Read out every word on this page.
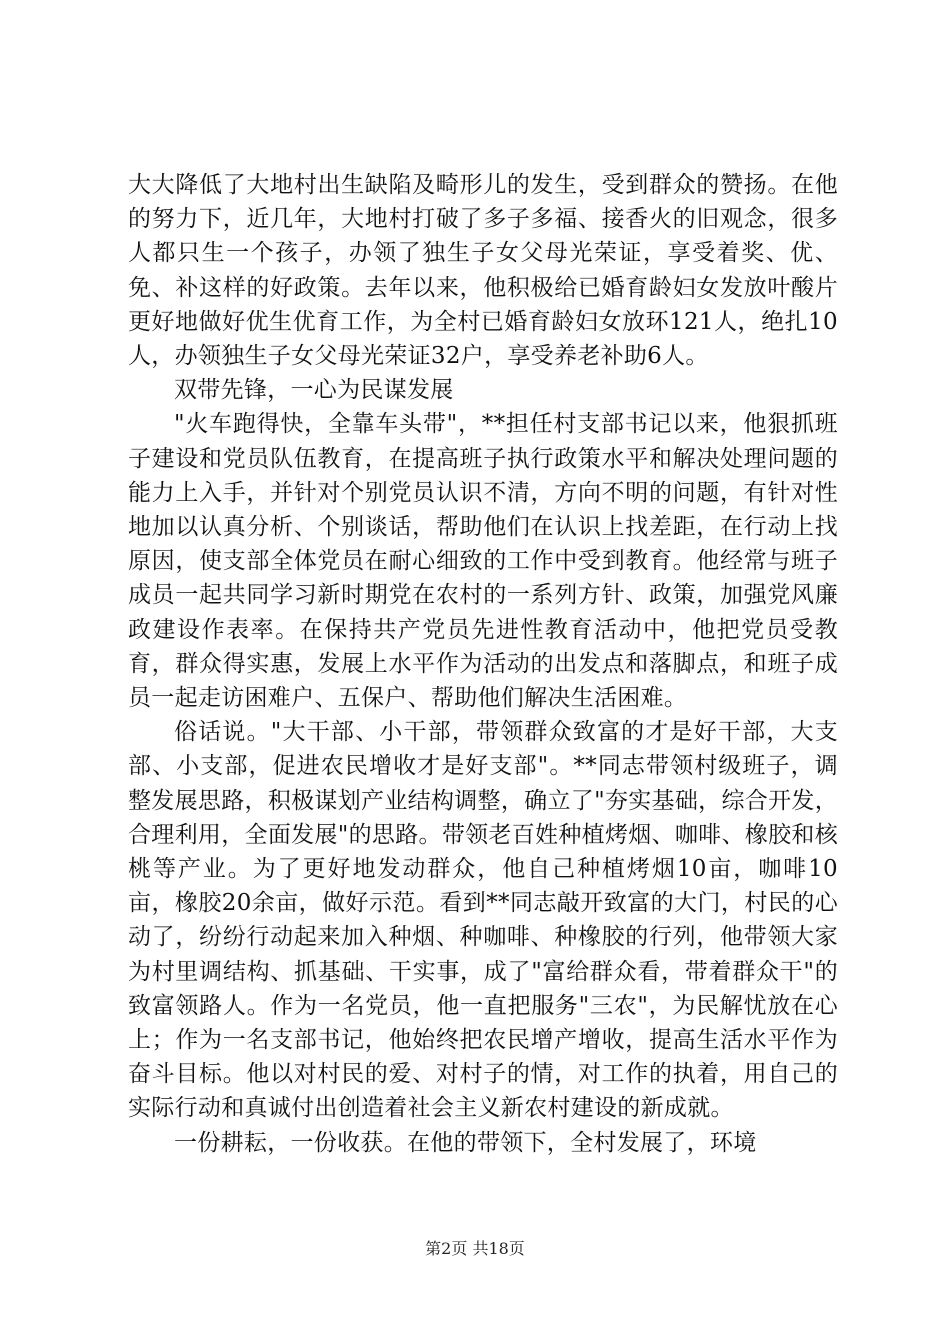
大大降低了大地村出生缺陷及畸形儿的发生，受到群众的赞扬。在他的努力下，近几年，大地村打破了多子多福、接香火的旧观念，很多人都只生一个孩子，办领了独生子女父母光荣证，享受着奖、优、免、补这样的好政策。去年以来，他积极给已婚育龄妇女发放叶酸片更好地做好优生优育工作，为全村已婚育龄妇女放环121人，绝扎10人，办领独生子女父母光荣证32户，享受养老补助6人。

双带先锋，一心为民谋发展

"火车跑得快，全靠车头带"，**担任村支部书记以来，他狠抓班子建设和党员队伍教育，在提高班子执行政策水平和解决处理问题的能力上入手，并针对个别党员认识不清，方向不明的问题，有针对性地加以认真分析、个别谈话，帮助他们在认识上找差距，在行动上找原因，使支部全体党员在耐心细致的工作中受到教育。他经常与班子成员一起共同学习新时期党在农村的一系列方针、政策，加强党风廉政建设作表率。在保持共产党员先进性教育活动中，他把党员受教育，群众得实惠，发展上水平作为活动的出发点和落脚点，和班子成员一起走访困难户、五保户、帮助他们解决生活困难。

俗话说。"大干部、小干部，带领群众致富的才是好干部，大支部、小支部，促进农民增收才是好支部"。**同志带领村级班子，调整发展思路，积极谋划产业结构调整，确立了"夯实基础，综合开发，合理利用，全面发展"的思路。带领老百姓种植烤烟、咖啡、橡胶和核桃等产业。为了更好地发动群众，他自己种植烤烟10亩，咖啡10亩，橡胶20余亩，做好示范。看到**同志敲开致富的大门，村民的心动了，纷纷行动起来加入种烟、种咖啡、种橡胶的行列，他带领大家为村里调结构、抓基础、干实事，成了"富给群众看，带着群众干"的致富领路人。作为一名党员，他一直把服务"三农"，为民解忧放在心上；作为一名支部书记，他始终把农民增产增收，提高生活水平作为奋斗目标。他以对村民的爱、对村子的情，对工作的执着，用自己的实际行动和真诚付出创造着社会主义新农村建设的新成就。

一份耕耘，一份收获。在他的带领下，全村发展了，环境

第2页 共18页
